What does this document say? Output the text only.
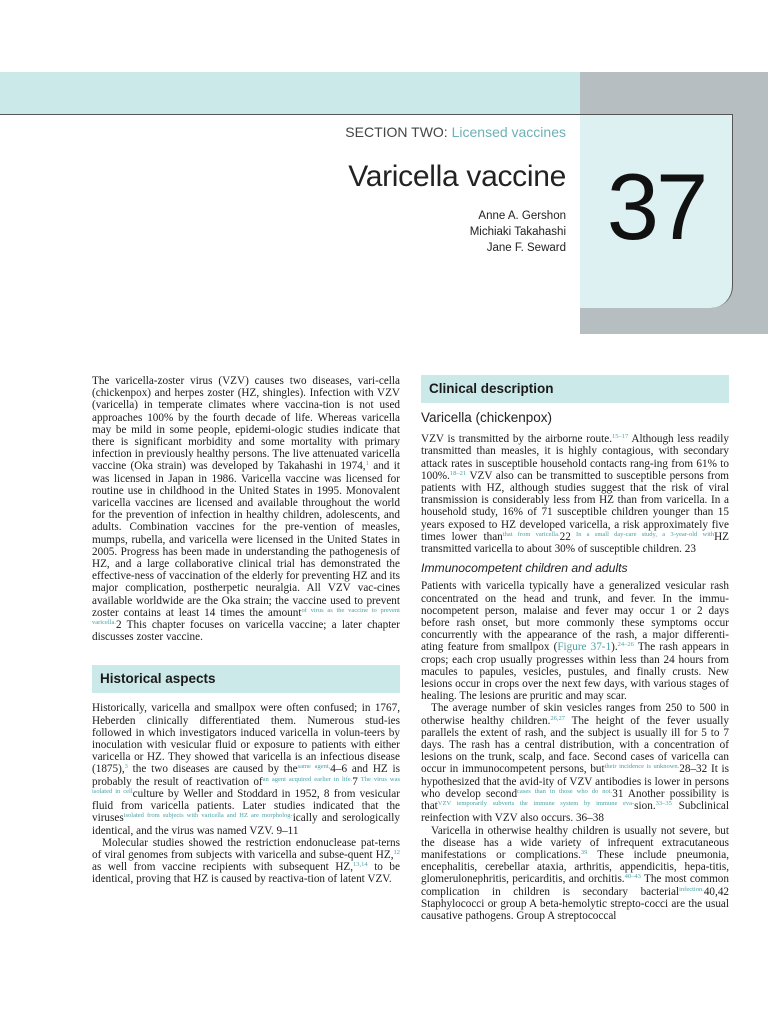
SECTION TWO: Licensed vaccines
Varicella vaccine
Anne A. Gershon
Michiaki Takahashi
Jane F. Seward 37

The varicella-zoster virus (VZV) causes two diseases, vari-cella (chickenpox) and herpes zoster (HZ, shingles). Infection with VZV (varicella) in temperate climates where vaccina-tion is not used approaches 100% by the fourth decade of life. Whereas varicella may be mild in some people, epidemi-ologic studies indicate that there is significant morbidity and some mortality with primary infection in previously healthy persons. The live attenuated varicella vaccine (Oka strain) was developed by Takahashi in 1974,$^1$ and it was licensed in Japan in 1986. Varicella vaccine was licensed for routine use in childhood in the United States in 1995. Monovalent varicella vaccines are licensed and available throughout the world for the prevention of infection in healthy children, adolescents, and adults. Combination vaccines for the pre-vention of measles, mumps, rubella, and varicella were licensed in the United States in 2005. Progress has been made in understanding the pathogenesis of HZ, and a large collaborative clinical trial has demonstrated the effective-ness of vaccination of the elderly for preventing HZ and its major complication, postherpetic neuralgia. All VZV vac-cines available worldwide are the Oka strain; the vaccine used to prevent zoster contains at least 14 times the amount$^{of virus as the vaccine to prevent varicella.}$2 This chapter focuses on varicella vaccine; a later chapter discusses zoster vaccine.

Historical aspects

Historically, varicella and smallpox were often confused; in 1767, Heberden clinically differentiated them. Numerous stud-ies followed in which investigators induced varicella in volun-teers by inoculation with vesicular fluid or exposure to patients with either varicella or HZ. They showed that varicella is an infectious disease (1875),$^3$ the two diseases are caused by the$^{same agent,}$4–6 and HZ is probably the result of reactivation $of^{an agent acquired earlier in life.}7$ $^{The virus was isolated in cell}$culture by Weller and Stoddard in 1952, 8 from vesicular fluid from varicella patients. Later studies indicated that the viruses$^{isolated from subjects with varicella and HZ are morpholog-}$ically and serologically identical, and the virus was named VZV. 9–11

Molecular studies showed the restriction endonuclease pat-terns of viral genomes from subjects with varicella and subse-quent HZ,$^{12}$ as well from vaccine recipients with subsequent HZ,$^{13,14}$ to be identical, proving that HZ is caused by reactiva-tion of latent VZV.

Clinical description
Varicella (chickenpox)

VZV is transmitted by the airborne route.$^{15-17}$ Although less readily transmitted than measles, it is highly contagious, with secondary attack rates in susceptible household contacts rang-ing from 61% to 100%.$^{18-21}$ VZV also can be transmitted to susceptible persons from patients with HZ, although studies suggest that the risk of viral transmission is considerably less from HZ than from varicella. In a household study, 16% of 71 susceptible children younger than 15 years exposed to HZ developed varicella, a risk approximately five times lower than$^{that from varicella.}$22 $^{In a small day-care study, a 3-year-old with}$HZ transmitted varicella to about 30% of susceptible children. 23

Immunocompetent children and adults

Patients with varicella typically have a generalized vesicular rash concentrated on the head and trunk, and fever. In the immu-nocompetent person, malaise and fever may occur 1 or 2 days before rash onset, but more commonly these symptoms occur concurrently with the appearance of the rash, a major differenti-ating feature from smallpox (Figure 37-1).$^{24-26}$ The rash appears in crops; each crop usually progresses within less than 24 hours from macules to papules, vesicles, pustules, and finally crusts. New lesions occur in crops over the next few days, with various stages of healing. The lesions are pruritic and may scar.

The average number of skin vesicles ranges from 250 to 500 in otherwise healthy children.$^{26,27}$ The height of the fever usually parallels the extent of rash, and the subject is usually ill for 5 to 7 days. The rash has a central distribution, with a concentration of lesions on the trunk, scalp, and face. Second cases of varicella can occur in immunocompetent persons, but$^{their incidence is unknown.}$28–32 It is hypothesized that the avid-ity of VZV antibodies is lower in persons who develop second$^{cases than in those who do not.}$31 Another possibility is that$^{VZV temporarily subverts the immune system by immune eva-}$sion.$^{33-35}$ Subclinical reinfection with VZV also occurs. 36–38

Varicella in otherwise healthy children is usually not severe, but the disease has a wide variety of infrequent extracutaneous manifestations or complications.$^{39}$ These include pneumonia, encephalitis, cerebellar ataxia, arthritis, appendicitis, hepa-titis, glomerulonephritis, pericarditis, and orchitis.$^{40-43}$ The most common complication in children is secondary bacterial$^{infection.}$40,42 Staphylococci or group A beta-hemolytic strepto-cocci are the usual causative pathogens. Group A streptococcal
